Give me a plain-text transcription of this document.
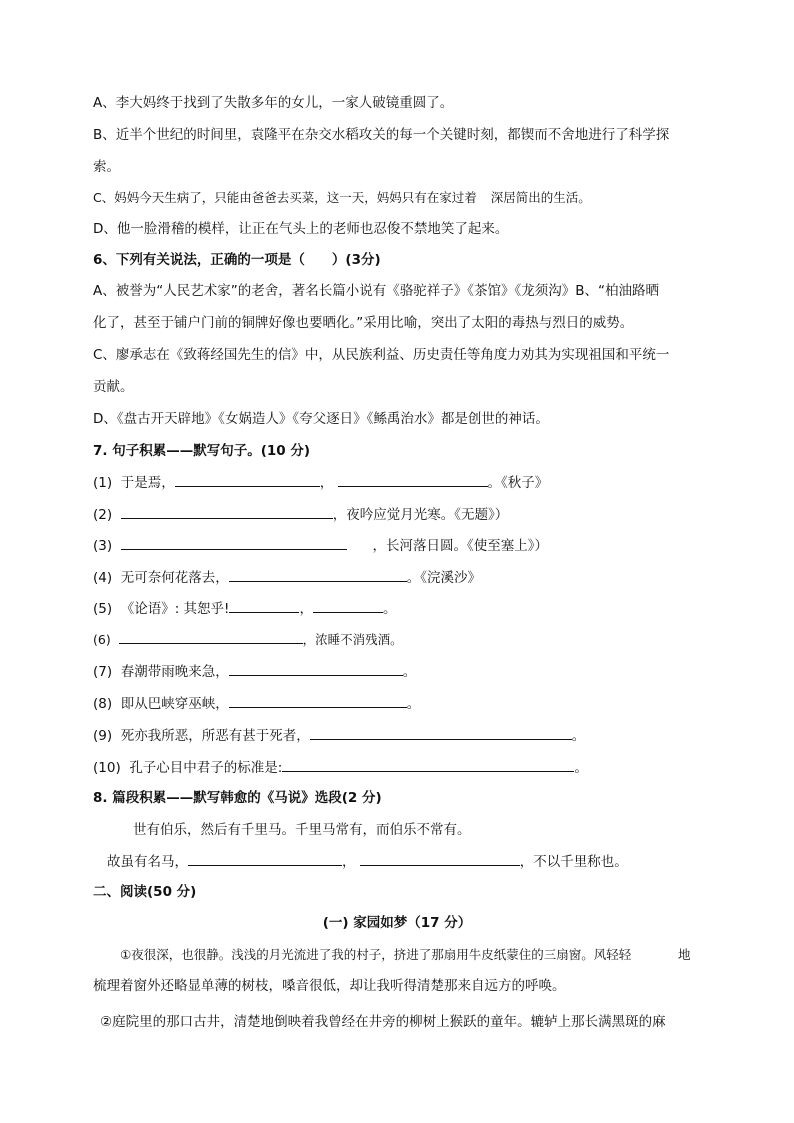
A、李大妈终于找到了失散多年的女儿，一家人破镜重圆了。
B、近半个世纪的时间里，袁隆平在杂交水稻攻关的每一个关键时刻，都锲而不舍地进行了科学探
索。
C、妈妈今天生病了，只能由爸爸去买菜，这一天，妈妈只有在家过着 深居简出的生活。
D、他一脸滑稽的模样，让正在气头上的老师也忍俊不禁地笑了起来。
6、下列有关说法，正确的一项是（　　）(3分)
A、被誉为“人民艺术家”的老舍，著名长篇小说有《骆驼祥子》《茶馆》《龙须沟》B、“柏油路晒
化了，甚至于铺户门前的铜牌好像也要晒化。”采用比喻，突出了太阳的毒热与烈日的威势。
C、廖承志在《致蒋经国先生的信》中，从民族利益、历史责任等角度力劝其为实现祖国和平统一
贡献。
D、《盘古开天辟地》《女娲造人》《夸父逐日》《鲧禹治水》都是创世的神话。
7. 句子积累——默写句子。(10 分)
(1) 于是焉，	，	。《秋子》
(2)	，夜吟应觉月光寒。《无题》）
(3)	，长河落日圆。《使至塞上》）
(4) 无可奈何花落去，	。《浣溪沙》
(5) 《论语》: 其恕乎!	，	。
(6)	，浓睡不消残酒。
(7) 春潮带雨晚来急，	。
(8) 即从巴峡穿巫峡，	。
(9) 死亦我所恶，所恶有甚于死者，	。
(10) 孔子心目中君子的标准是:	。
8. 篇段积累——默写韩愈的《马说》选段(2 分)
世有伯乐，然后有千里马。千里马常有，而伯乐不常有。
故虽有名马，	，	，不以千里称也。
二、阅读(50 分)
(一) 家园如梦（17 分）
①夜很深，也很静。浅浅的月光流进了我的村子，挤进了那扇用牛皮纸蒙住的三扇窗。风轻轻	地
梳理着窗外还略显单薄的树枝，嗓音很低，却让我听得清楚那来自远方的呼唤。
②庭院里的那口古井，清楚地倒映着我曾经在井旁的柳树上猴跃的童年。辘轳上那长满黑斑的麻
